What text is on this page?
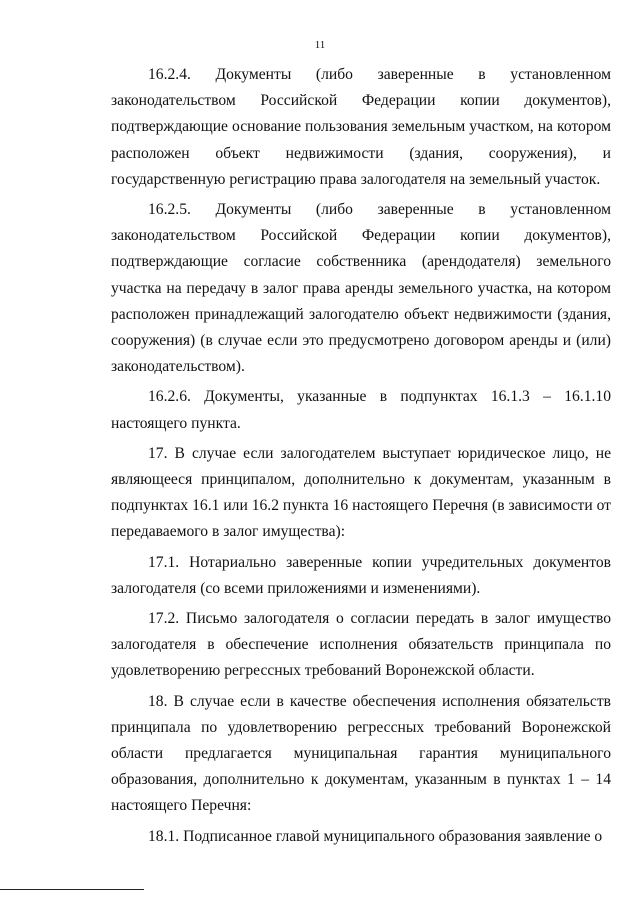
11

16.2.4. Документы (либо заверенные в установленном законодательством Российской Федерации копии документов), подтверждающие основание пользования земельным участком, на котором расположен объект недвижимости (здания, сооружения), и государственную регистрацию права залогодателя на земельный участок.

16.2.5. Документы (либо заверенные в установленном законодательством Российской Федерации копии документов), подтверждающие согласие собственника (арендодателя) земельного участка на передачу в залог права аренды земельного участка, на котором расположен принадлежащий залогодателю объект недвижимости (здания, сооружения) (в случае если это предусмотрено договором аренды и (или) законодательством).

16.2.6. Документы, указанные в подпунктах 16.1.3 – 16.1.10 настоящего пункта.

17. В случае если залогодателем выступает юридическое лицо, не являющееся принципалом, дополнительно к документам, указанным в подпунктах 16.1 или 16.2 пункта 16 настоящего Перечня (в зависимости от передаваемого в залог имущества):

17.1. Нотариально заверенные копии учредительных документов залогодателя (со всеми приложениями и изменениями).

17.2. Письмо залогодателя о согласии передать в залог имущество залогодателя в обеспечение исполнения обязательств принципала по удовлетворению регрессных требований Воронежской области.

18. В случае если в качестве обеспечения исполнения обязательств принципала по удовлетворению регрессных требований Воронежской области предлагается муниципальная гарантия муниципального образования, дополнительно к документам, указанным в пунктах 1 – 14 настоящего Перечня:

18.1. Подписанное главой муниципального образования заявление о
